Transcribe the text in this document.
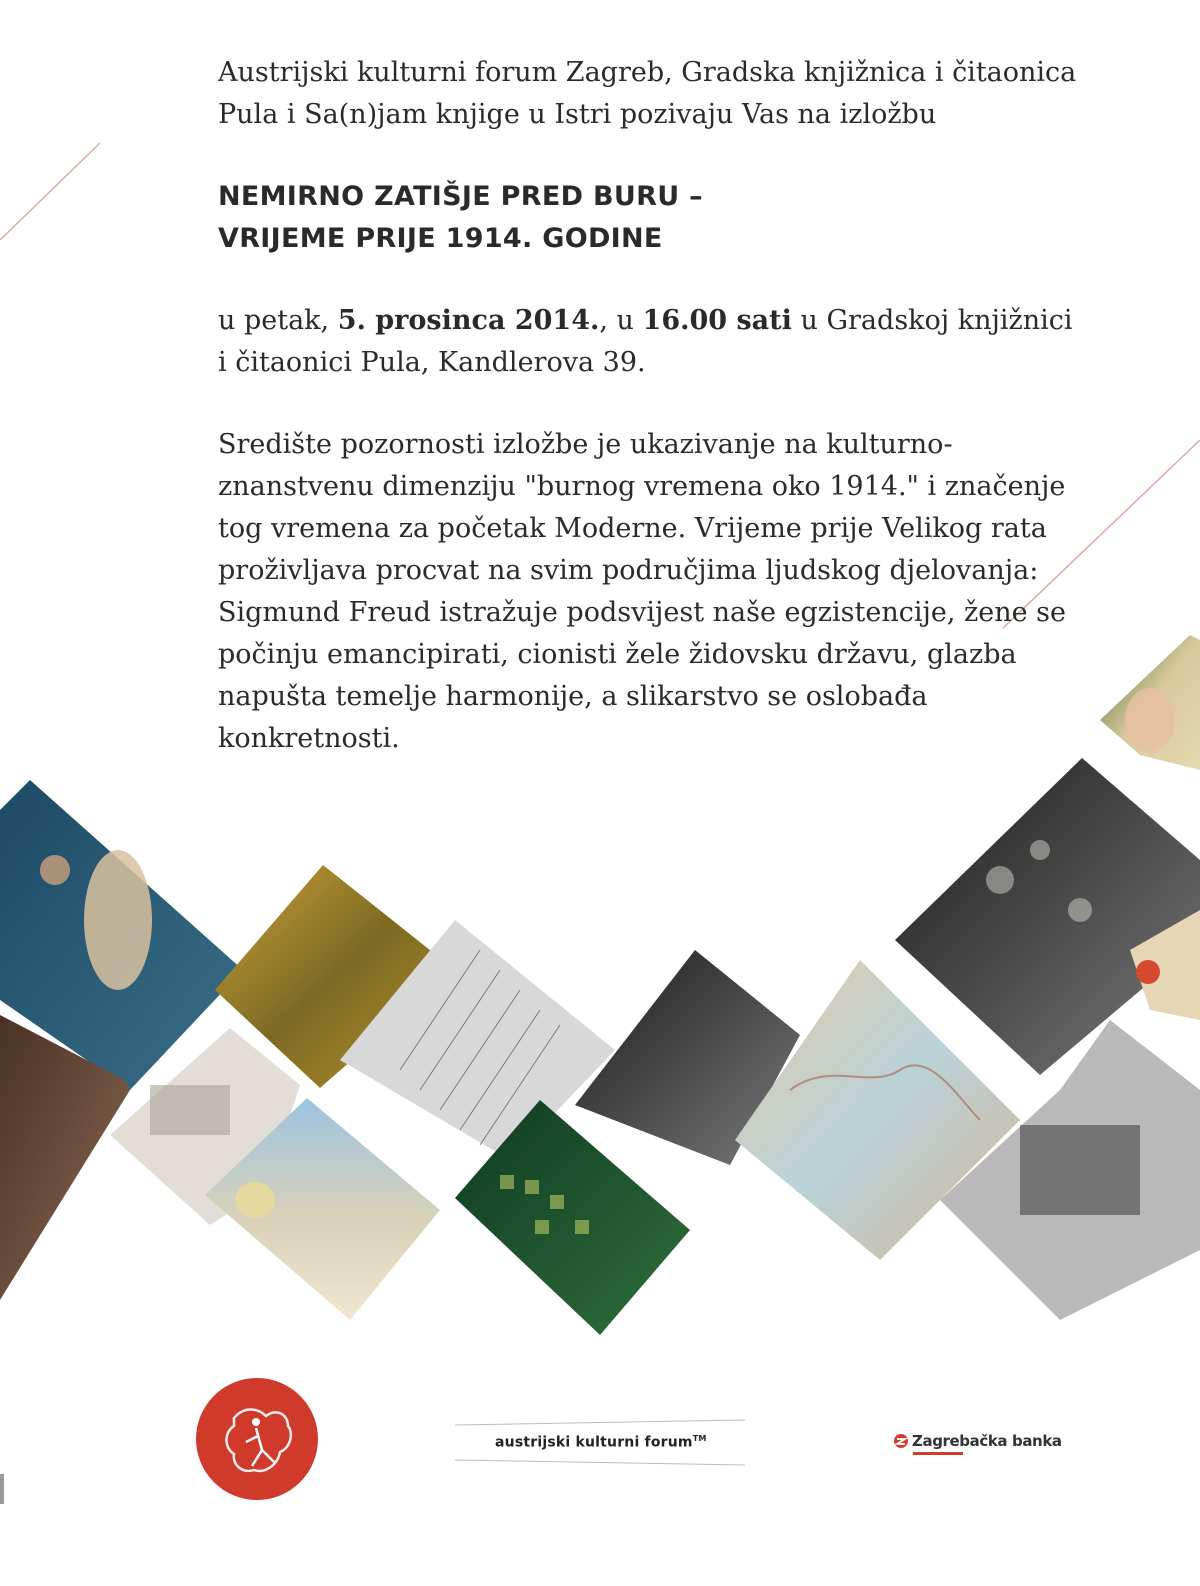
Austrijski kulturni forum Zagreb, Gradska knjižnica i čitaonica Pula i Sa(n)jam knjige u Istri pozivaju Vas na izložbu

NEMIRNO ZATIŠJE PRED BURU –
VRIJEME PRIJE 1914. GODINE

u petak, 5. prosinca 2014., u 16.00 sati u Gradskoj knjižnici i čitaonici Pula, Kandlerova 39.

Središte pozornosti izložbe je ukazivanje na kulturno-znanstvenu dimenziju "burnog vremena oko 1914." i značenje tog vremena za početak Moderne. Vrijeme prije Velikog rata proživljava procvat na svim područjima ljudskog djelovanja: Sigmund Freud istražuje podsvijest naše egzistencije, žene se počinju emancipirati, cionisti žele židovsku državu, glazba napušta temelje harmonije, a slikarstvo se oslobađa konkretnosti.

austrijski kulturni forum™	Zagrebačka banka
